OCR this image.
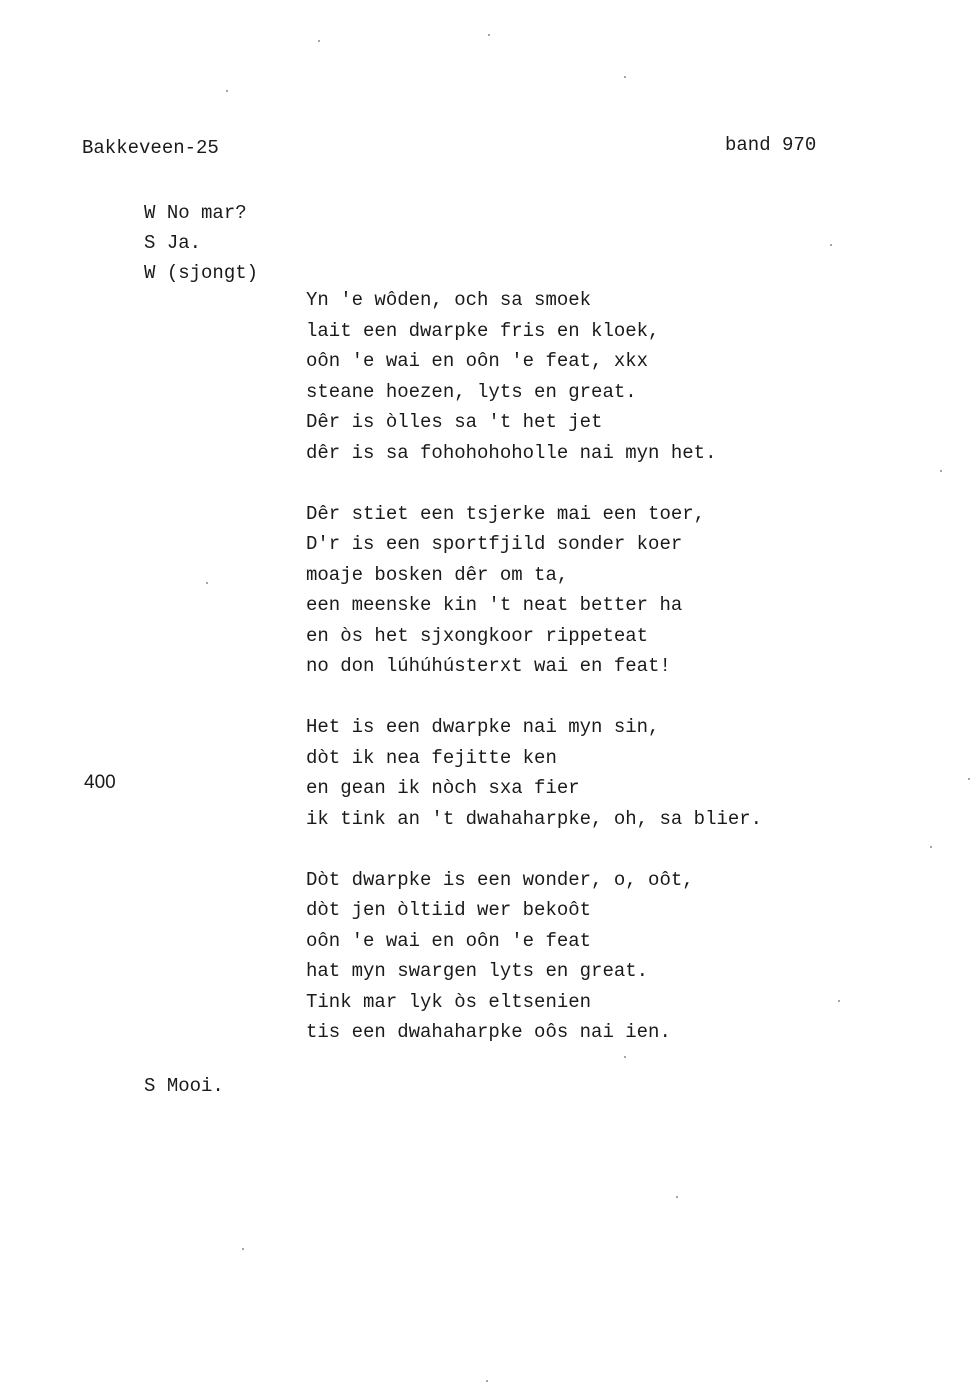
Bakkeveen-25	band 970
W No mar?
S Ja.
W (sjongt)
Yn 'e wôden, och sa smoek
lait een dwarpke fris en kloek,
oôn 'e wai en oôn 'e feat, xkx
steane hoezen, lyts en great.
Dêr is òlles sa 't het jet
dêr is sa fohohohoholle nai myn het.
Dêr stiet een tsjerke mai een toer,
D'r is een sportfjild sonder koer
moaje bosken dêr om ta,
een meenske kin 't neat better ha
en òs het sjxongkoor rippeteat
no don lúhúhústerxt wai en feat!
Het is een dwarpke nai myn sin,
dòt ik nea fejitte ken
en gean ik nòch sxa fier
ik tink an 't dwahaharpke, oh, sa blier.
Dòt dwarpke is een wonder, o, oôt,
dòt jen òltiid wer bekoôt
oôn 'e wai en oôn 'e feat
hat myn swargen lyts en great.
Tink mar lyk òs eltsenien
tis een dwahaharpke oôs nai ien.
400
S Mooi.
